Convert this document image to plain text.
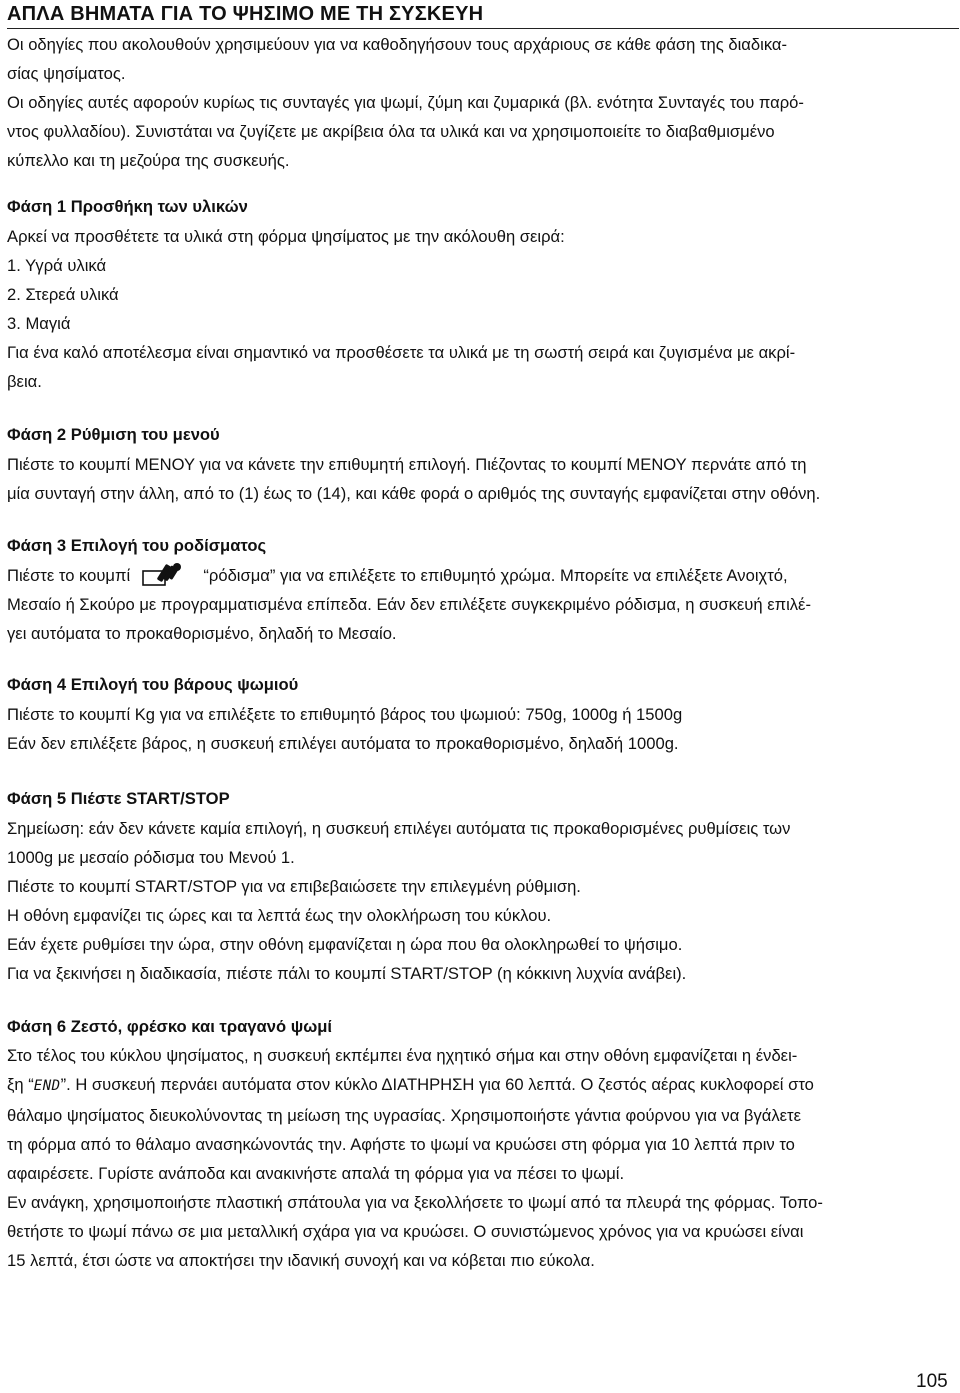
ΑΠΛΑ ΒΗΜΑΤΑ ΓΙΑ ΤΟ ΨΗΣΙΜΟ ΜΕ ΤΗ ΣΥΣΚΕΥΗ

Οι οδηγίες που ακολουθούν χρησιμεύουν για να καθοδηγήσουν τους αρχάριους σε κάθε φάση της διαδικα-

σίας ψησίματος.

Οι οδηγίες αυτές αφορούν κυρίως τις συνταγές για ψωμί, ζύμη και ζυμαρικά (βλ. ενότητα Συνταγές του παρό-

ντος φυλλαδίου). Συνιστάται να ζυγίζετε με ακρίβεια όλα τα υλικά και να χρησιμοποιείτε το διαβαθμισμένο

κύπελλο και τη μεζούρα της συσκευής.

Φάση 1 Προσθήκη των υλικών

Αρκεί να προσθέτετε τα υλικά στη φόρμα ψησίματος με την ακόλουθη σειρά:

1. Υγρά υλικά

2. Στερεά υλικά

3. Μαγιά

Για ένα καλό αποτέλεσμα είναι σημαντικό να προσθέσετε τα υλικά με τη σωστή σειρά και ζυγισμένα με ακρί-

βεια.

Φάση 2 Ρύθμιση του μενού

Πιέστε το κουμπί ΜΕΝΟΥ για να κάνετε την επιθυμητή επιλογή. Πιέζοντας το κουμπί ΜΕΝΟΥ περνάτε από τη

μία συνταγή στην άλλη, από το (1) έως το (14), και κάθε φορά ο αριθμός της συνταγής εμφανίζεται στην οθόνη.

Φάση 3 Επιλογή του ροδίσματος

Πιέστε το κουμπί	“ρόδισμα” για να επιλέξετε το επιθυμητό χρώμα. Μπορείτε να επιλέξετε Ανοιχτό,

Μεσαίο ή Σκούρο με προγραμματισμένα επίπεδα. Εάν δεν επιλέξετε συγκεκριμένο ρόδισμα, η συσκευή επιλέ-

γει αυτόματα το προκαθορισμένο, δηλαδή το Μεσαίο.

Φάση 4 Επιλογή του βάρους ψωμιού

Πιέστε το κουμπί Kg για να επιλέξετε το επιθυμητό βάρος του ψωμιού: 750g, 1000g ή 1500g

Εάν δεν επιλέξετε βάρος, η συσκευή επιλέγει αυτόματα το προκαθορισμένο, δηλαδή 1000g.

Φάση 5 Πιέστε START/STOP

Σημείωση: εάν δεν κάνετε καμία επιλογή, η συσκευή επιλέγει αυτόματα τις προκαθορισμένες ρυθμίσεις των

1000g με μεσαίο ρόδισμα του Μενού 1.

Πιέστε το κουμπί START/STOP για να επιβεβαιώσετε την επιλεγμένη ρύθμιση.

Η οθόνη εμφανίζει τις ώρες και τα λεπτά έως την ολοκλήρωση του κύκλου.

Εάν έχετε ρυθμίσει την ώρα, στην οθόνη εμφανίζεται η ώρα που θα ολοκληρωθεί το ψήσιμο.

Για να ξεκινήσει η διαδικασία, πιέστε πάλι το κουμπί START/STOP (η κόκκινη λυχνία ανάβει).

Φάση 6 Ζεστό, φρέσκο και τραγανό ψωμί

Στο τέλος του κύκλου ψησίματος, η συσκευή εκπέμπει ένα ηχητικό σήμα και στην οθόνη εμφανίζεται η ένδει-

ξη “END”. Η συσκευή περνάει αυτόματα στον κύκλο ΔΙΑΤΗΡΗΣΗ για 60 λεπτά. Ο ζεστός αέρας κυκλοφορεί στο

θάλαμο ψησίματος διευκολύνοντας τη μείωση της υγρασίας. Χρησιμοποιήστε γάντια φούρνου για να βγάλετε

τη φόρμα από το θάλαμο ανασηκώνοντάς την. Αφήστε το ψωμί να κρυώσει στη φόρμα για 10 λεπτά πριν το

αφαιρέσετε. Γυρίστε ανάποδα και ανακινήστε απαλά τη φόρμα για να πέσει το ψωμί.

Εν ανάγκη, χρησιμοποιήστε πλαστική σπάτουλα για να ξεκολλήσετε το ψωμί από τα πλευρά της φόρμας. Τοπο-

θετήστε το ψωμί πάνω σε μια μεταλλική σχάρα για να κρυώσει. Ο συνιστώμενος χρόνος για να κρυώσει είναι

15 λεπτά, έτσι ώστε να αποκτήσει την ιδανική συνοχή και να κόβεται πιο εύκολα.

105
